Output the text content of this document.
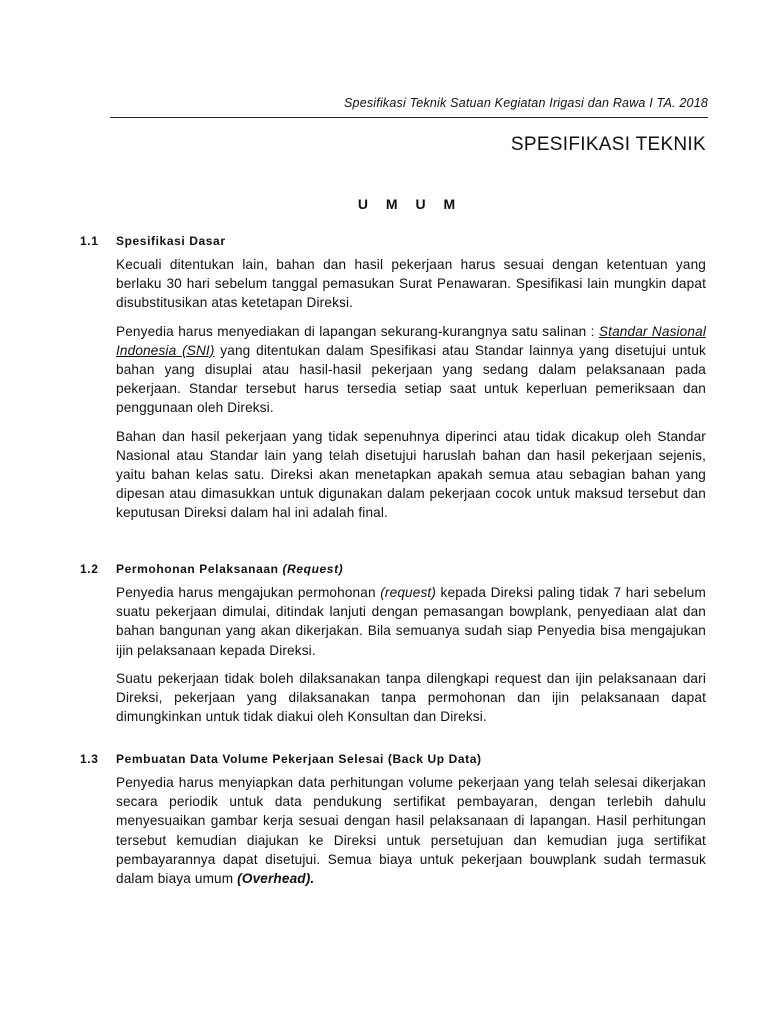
Spesifikasi Teknik Satuan Kegiatan Irigasi dan Rawa I TA. 2018
SPESIFIKASI TEKNIK
U M U M
1.1	Spesifikasi Dasar

Kecuali ditentukan lain, bahan dan hasil pekerjaan harus sesuai dengan ketentuan yang berlaku 30 hari sebelum tanggal pemasukan Surat Penawaran. Spesifikasi lain mungkin dapat disubstitusikan atas ketetapan Direksi.

Penyedia harus menyediakan di lapangan sekurang-kurangnya satu salinan : Standar Nasional Indonesia (SNI) yang ditentukan dalam Spesifikasi atau Standar lainnya yang disetujui untuk bahan yang disuplai atau hasil-hasil pekerjaan yang sedang dalam pelaksanaan pada pekerjaan. Standar tersebut harus tersedia setiap saat untuk keperluan pemeriksaan dan penggunaan oleh Direksi.

Bahan dan hasil pekerjaan yang tidak sepenuhnya diperinci atau tidak dicakup oleh Standar Nasional atau Standar lain yang telah disetujui haruslah bahan dan hasil pekerjaan sejenis, yaitu bahan kelas satu. Direksi akan menetapkan apakah semua atau sebagian bahan yang dipesan atau dimasukkan untuk digunakan dalam pekerjaan cocok untuk maksud tersebut dan keputusan Direksi dalam hal ini adalah final.

1.2	Permohonan Pelaksanaan (Request)

Penyedia harus mengajukan permohonan (request) kepada Direksi paling tidak 7 hari sebelum suatu pekerjaan dimulai, ditindak lanjuti dengan pemasangan bowplank, penyediaan alat dan bahan bangunan yang akan dikerjakan. Bila semuanya sudah siap Penyedia bisa mengajukan ijin pelaksanaan kepada Direksi.

Suatu pekerjaan tidak boleh dilaksanakan tanpa dilengkapi request dan ijin pelaksanaan dari Direksi, pekerjaan yang dilaksanakan tanpa permohonan dan ijin pelaksanaan dapat dimungkinkan untuk tidak diakui oleh Konsultan dan Direksi.

1.3	Pembuatan Data Volume Pekerjaan Selesai (Back Up Data)

Penyedia harus menyiapkan data perhitungan volume pekerjaan yang telah selesai dikerjakan secara periodik untuk data pendukung sertifikat pembayaran, dengan terlebih dahulu menyesuaikan gambar kerja sesuai dengan hasil pelaksanaan di lapangan. Hasil perhitungan tersebut kemudian diajukan ke Direksi untuk persetujuan dan kemudian juga sertifikat pembayarannya dapat disetujui. Semua biaya untuk pekerjaan bouwplank sudah termasuk dalam biaya umum (Overhead).
